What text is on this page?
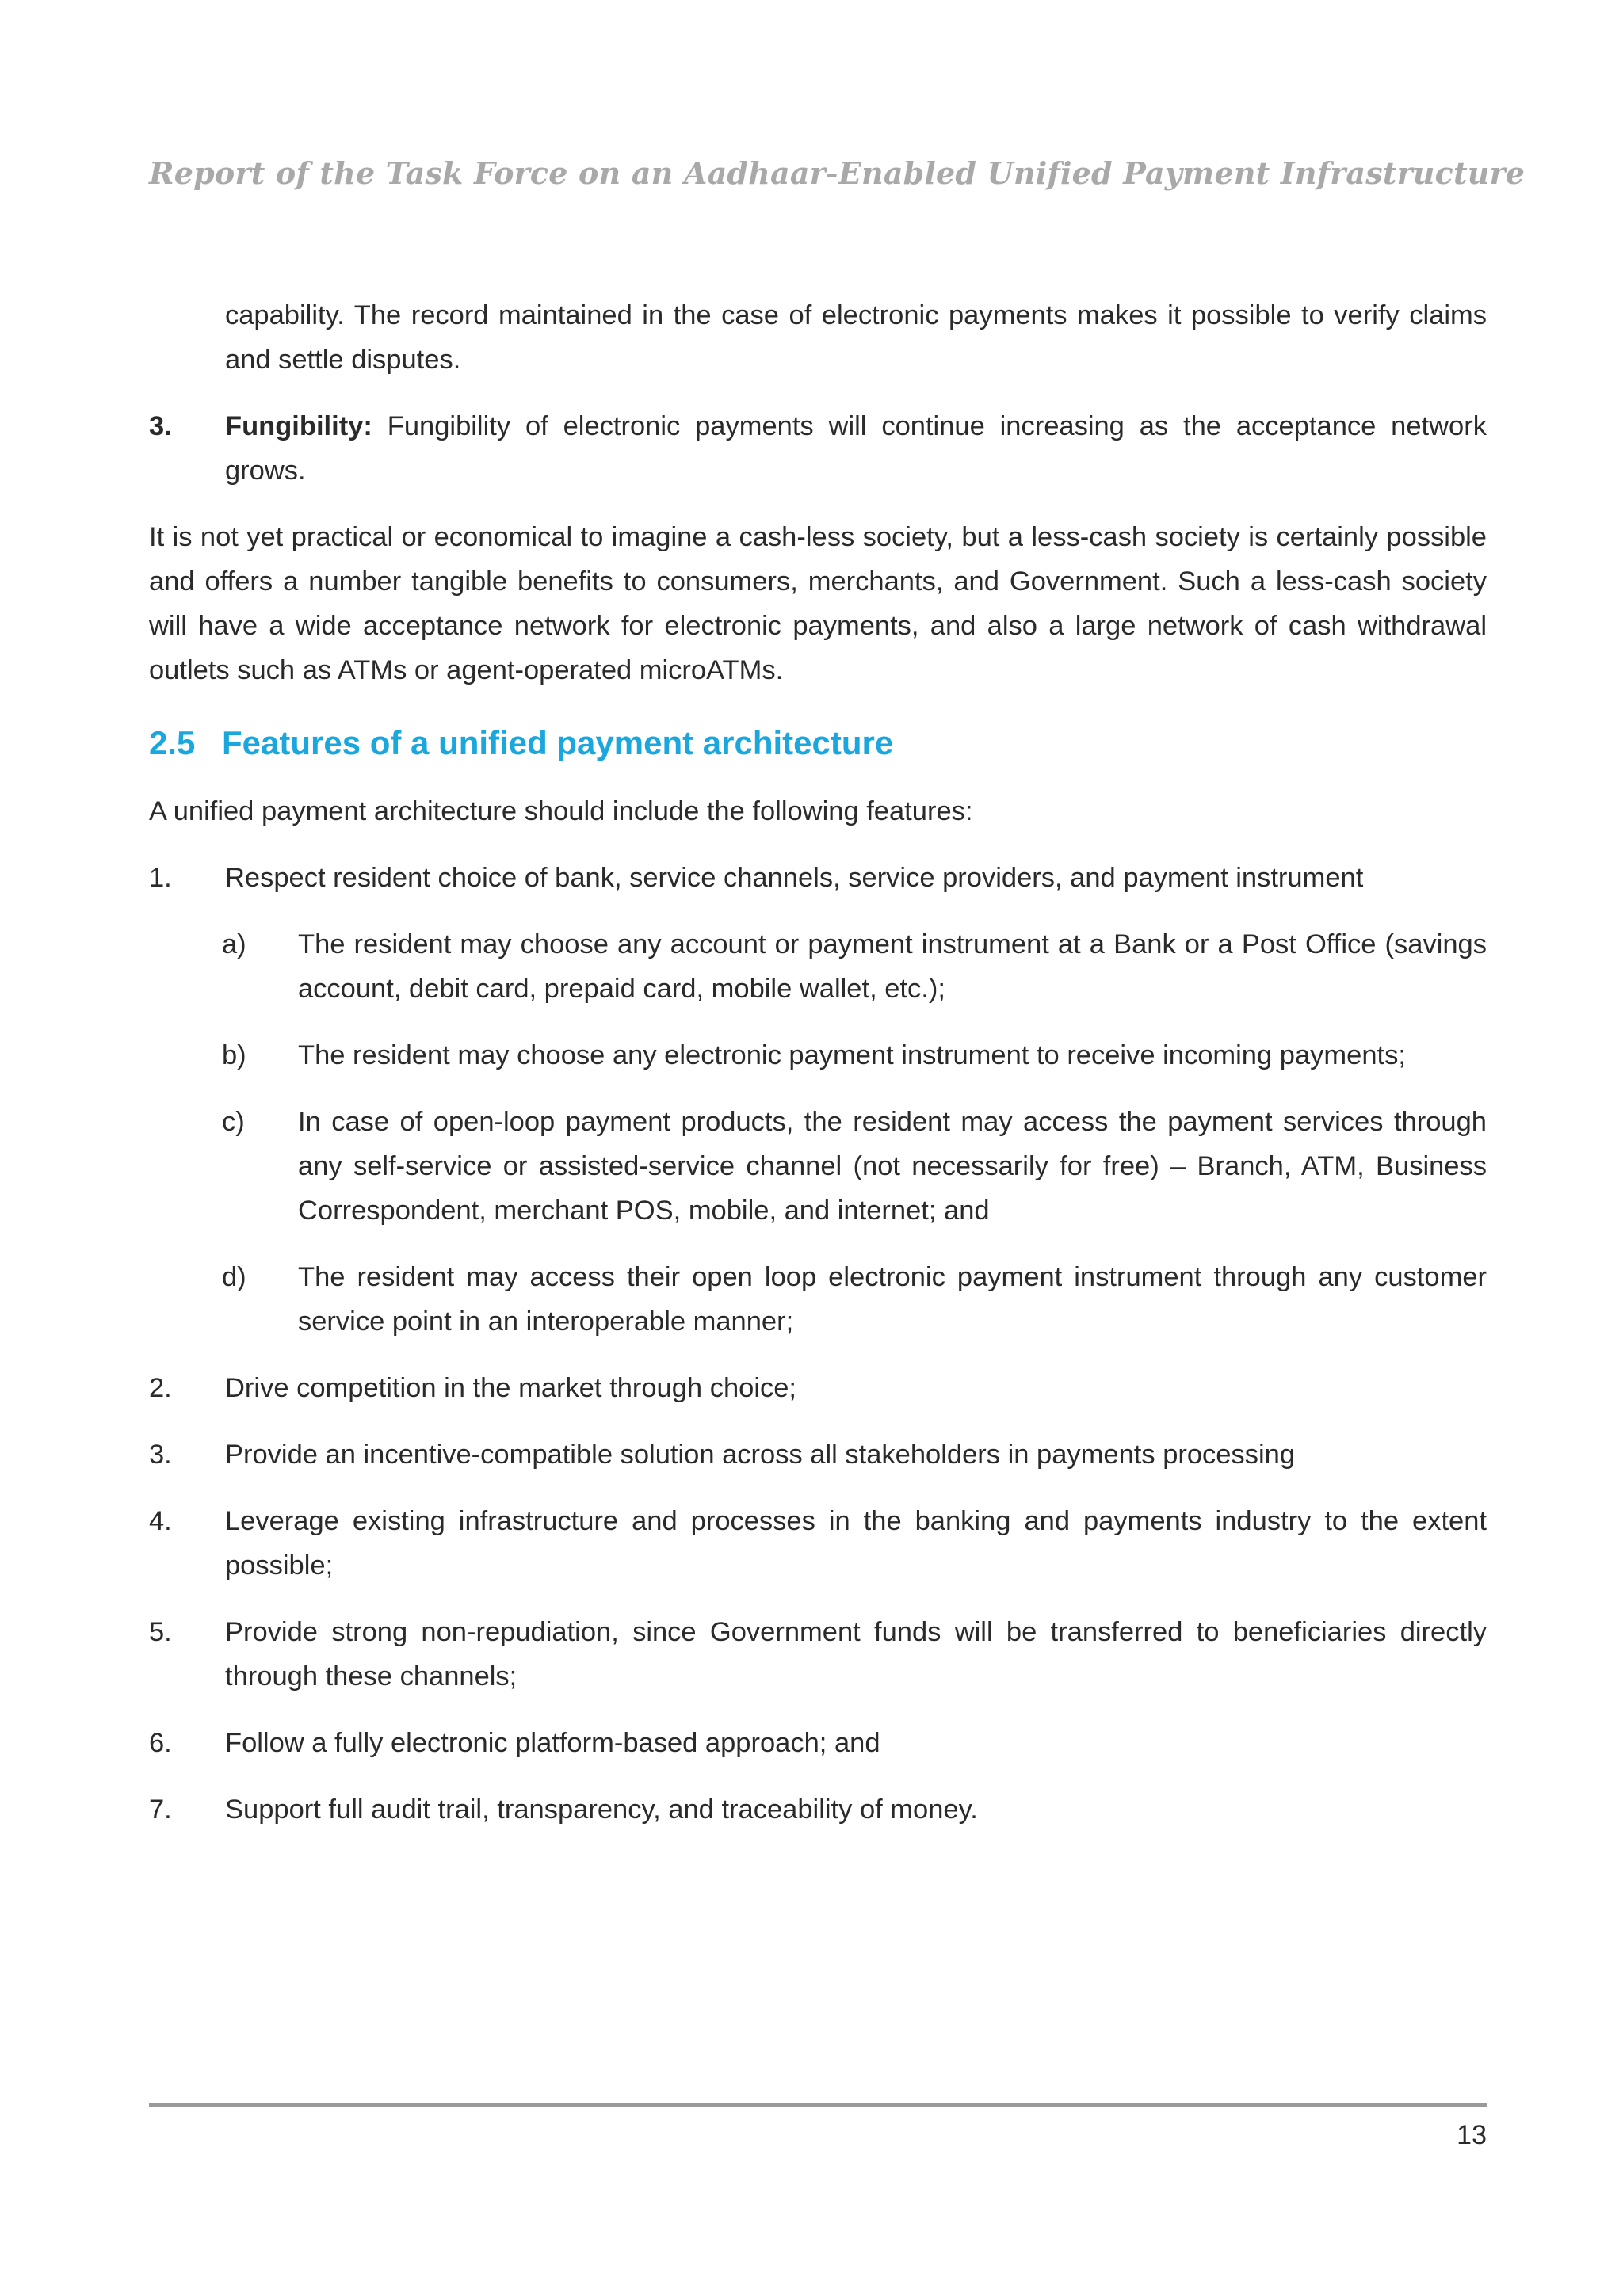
Report of the Task Force on an Aadhaar-Enabled Unified Payment Infrastructure

capability. The record maintained in the case of electronic payments makes it possible to verify claims and settle disputes.

3. Fungibility: Fungibility of electronic payments will continue increasing as the acceptance network grows.

It is not yet practical or economical to imagine a cash-less society, but a less-cash society is certainly possible and offers a number tangible benefits to consumers, merchants, and Government. Such a less-cash society will have a wide acceptance network for electronic payments, and also a large network of cash withdrawal outlets such as ATMs or agent-operated microATMs.

2.5 Features of a unified payment architecture

A unified payment architecture should include the following features:

1. Respect resident choice of bank, service channels, service providers, and payment instrument

a) The resident may choose any account or payment instrument at a Bank or a Post Office (savings account, debit card, prepaid card, mobile wallet, etc.);

b) The resident may choose any electronic payment instrument to receive incoming payments;

c) In case of open-loop payment products, the resident may access the payment services through any self-service or assisted-service channel (not necessarily for free) – Branch, ATM, Business Correspondent, merchant POS, mobile, and internet; and

d) The resident may access their open loop electronic payment instrument through any customer service point in an interoperable manner;

2. Drive competition in the market through choice;

3. Provide an incentive-compatible solution across all stakeholders in payments processing

4. Leverage existing infrastructure and processes in the banking and payments industry to the extent possible;

5. Provide strong non-repudiation, since Government funds will be transferred to beneficiaries directly through these channels;

6. Follow a fully electronic platform-based approach; and

7. Support full audit trail, transparency, and traceability of money.

13
